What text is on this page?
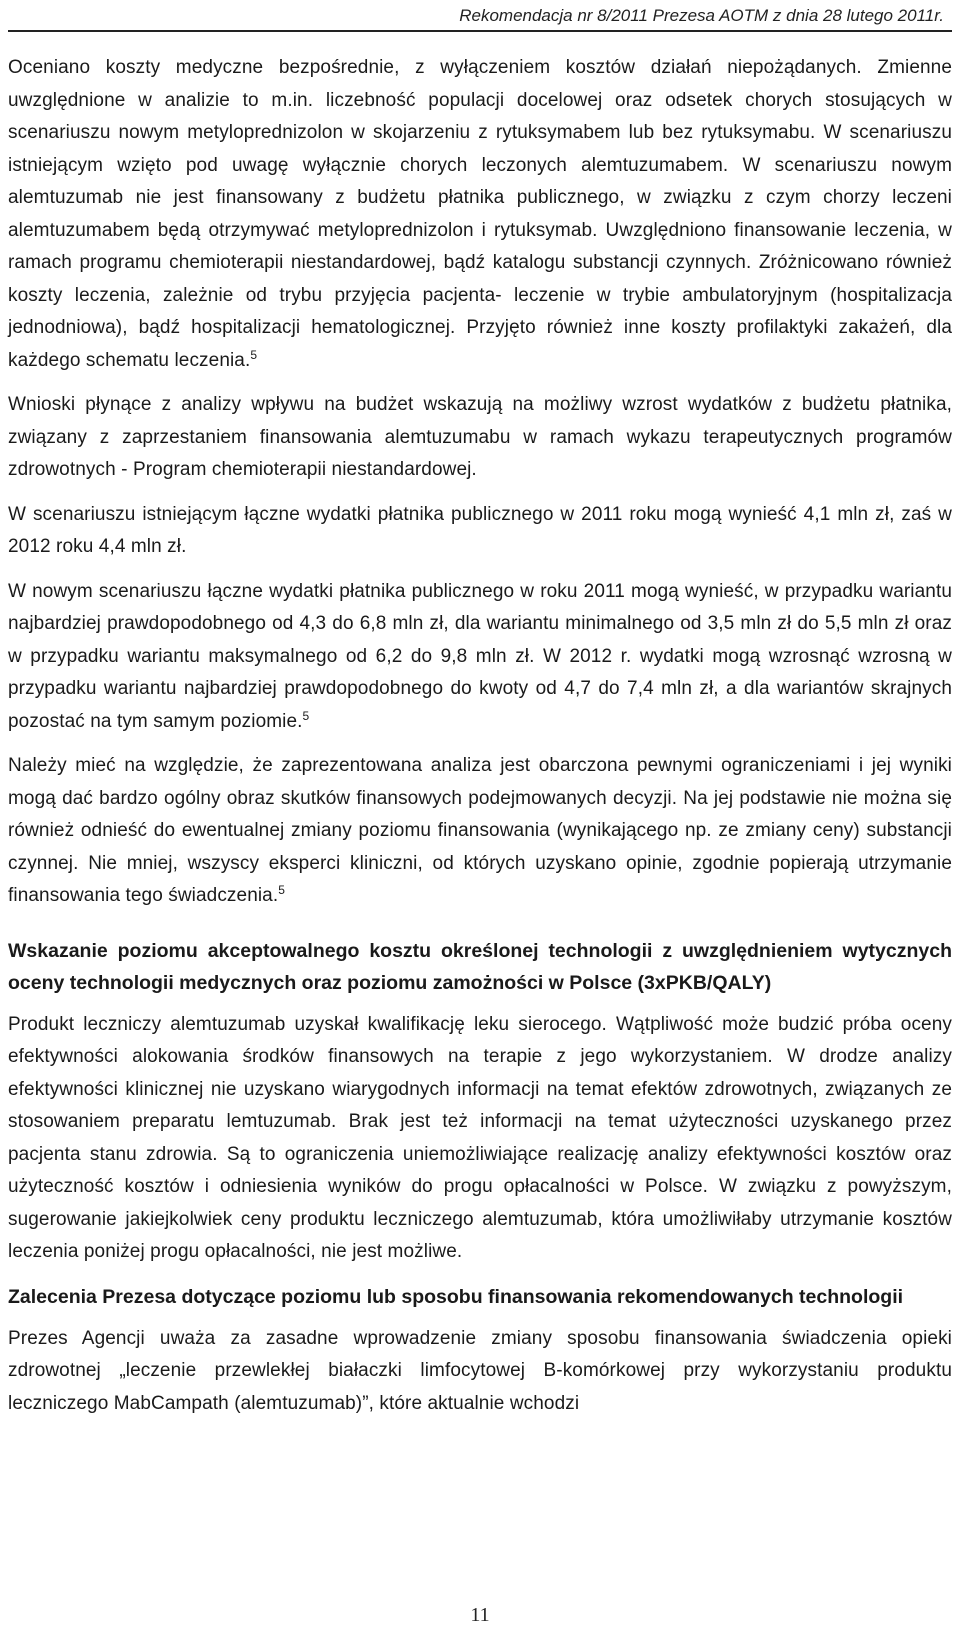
Rekomendacja nr 8/2011 Prezesa AOTM z dnia 28 lutego 2011r.

Oceniano koszty medyczne bezpośrednie, z wyłączeniem kosztów działań niepożądanych. Zmienne uwzględnione w analizie to m.in. liczebność populacji docelowej oraz odsetek chorych stosujących w scenariuszu nowym metyloprednizolon w skojarzeniu z rytuksymabem lub bez rytuksymabu. W scenariuszu istniejącym wzięto pod uwagę wyłącznie chorych leczonych alemtuzumabem. W scenariuszu nowym alemtuzumab nie jest finansowany z budżetu płatnika publicznego, w związku z czym chorzy leczeni alemtuzumabem będą otrzymywać metyloprednizolon i rytuksymab. Uwzględniono finansowanie leczenia, w ramach programu chemioterapii niestandardowej, bądź katalogu substancji czynnych. Zróżnicowano również koszty leczenia, zależnie od trybu przyjęcia pacjenta- leczenie w trybie ambulatoryjnym (hospitalizacja jednodniowa), bądź hospitalizacji hematologicznej. Przyjęto również inne koszty profilaktyki zakażeń, dla każdego schematu leczenia.$^5$

Wnioski płynące z analizy wpływu na budżet wskazują na możliwy wzrost wydatków z budżetu płatnika, związany z zaprzestaniem finansowania alemtuzumabu w ramach wykazu terapeutycznych programów zdrowotnych - Program chemioterapii niestandardowej.

W scenariuszu istniejącym łączne wydatki płatnika publicznego w 2011 roku mogą wynieść 4,1 mln zł, zaś w 2012 roku 4,4 mln zł.

W nowym scenariuszu łączne wydatki płatnika publicznego w roku 2011 mogą wynieść, w przypadku wariantu najbardziej prawdopodobnego od 4,3 do 6,8 mln zł, dla wariantu minimalnego od 3,5 mln zł do 5,5 mln zł oraz w przypadku wariantu maksymalnego od 6,2 do 9,8 mln zł. W 2012 r. wydatki mogą wzrosnąć wzrosną w przypadku wariantu najbardziej prawdopodobnego do kwoty od 4,7 do 7,4 mln zł, a dla wariantów skrajnych pozostać na tym samym poziomie.$^5$

Należy mieć na względzie, że zaprezentowana analiza jest obarczona pewnymi ograniczeniami i jej wyniki mogą dać bardzo ogólny obraz skutków finansowych podejmowanych decyzji. Na jej podstawie nie można się również odnieść do ewentualnej zmiany poziomu finansowania (wynikającego np. ze zmiany ceny) substancji czynnej. Nie mniej, wszyscy eksperci kliniczni, od których uzyskano opinie, zgodnie popierają utrzymanie finansowania tego świadczenia.$^5$

Wskazanie poziomu akceptowalnego kosztu określonej technologii z uwzględnieniem wytycznych oceny technologii medycznych oraz poziomu zamożności w Polsce (3xPKB/QALY)

Produkt leczniczy alemtuzumab uzyskał kwalifikację leku sierocego. Wątpliwość może budzić próba oceny efektywności alokowania środków finansowych na terapie z jego wykorzystaniem. W drodze analizy efektywności klinicznej nie uzyskano wiarygodnych informacji na temat efektów zdrowotnych, związanych ze stosowaniem preparatu lemtuzumab. Brak jest też informacji na temat użyteczności uzyskanego przez pacjenta stanu zdrowia. Są to ograniczenia uniemożliwiające realizację analizy efektywności kosztów oraz użyteczność kosztów i odniesienia wyników do progu opłacalności w Polsce. W związku z powyższym, sugerowanie jakiejkolwiek ceny produktu leczniczego alemtuzumab, która umożliwiłaby utrzymanie kosztów leczenia poniżej progu opłacalności, nie jest możliwe.

Zalecenia Prezesa dotyczące poziomu lub sposobu finansowania rekomendowanych technologii

Prezes Agencji uważa za zasadne wprowadzenie zmiany sposobu finansowania świadczenia opieki zdrowotnej „leczenie przewlekłej białaczki limfocytowej B-komórkowej przy wykorzystaniu produktu leczniczego MabCampath (alemtuzumab)”, które aktualnie wchodzi

11
